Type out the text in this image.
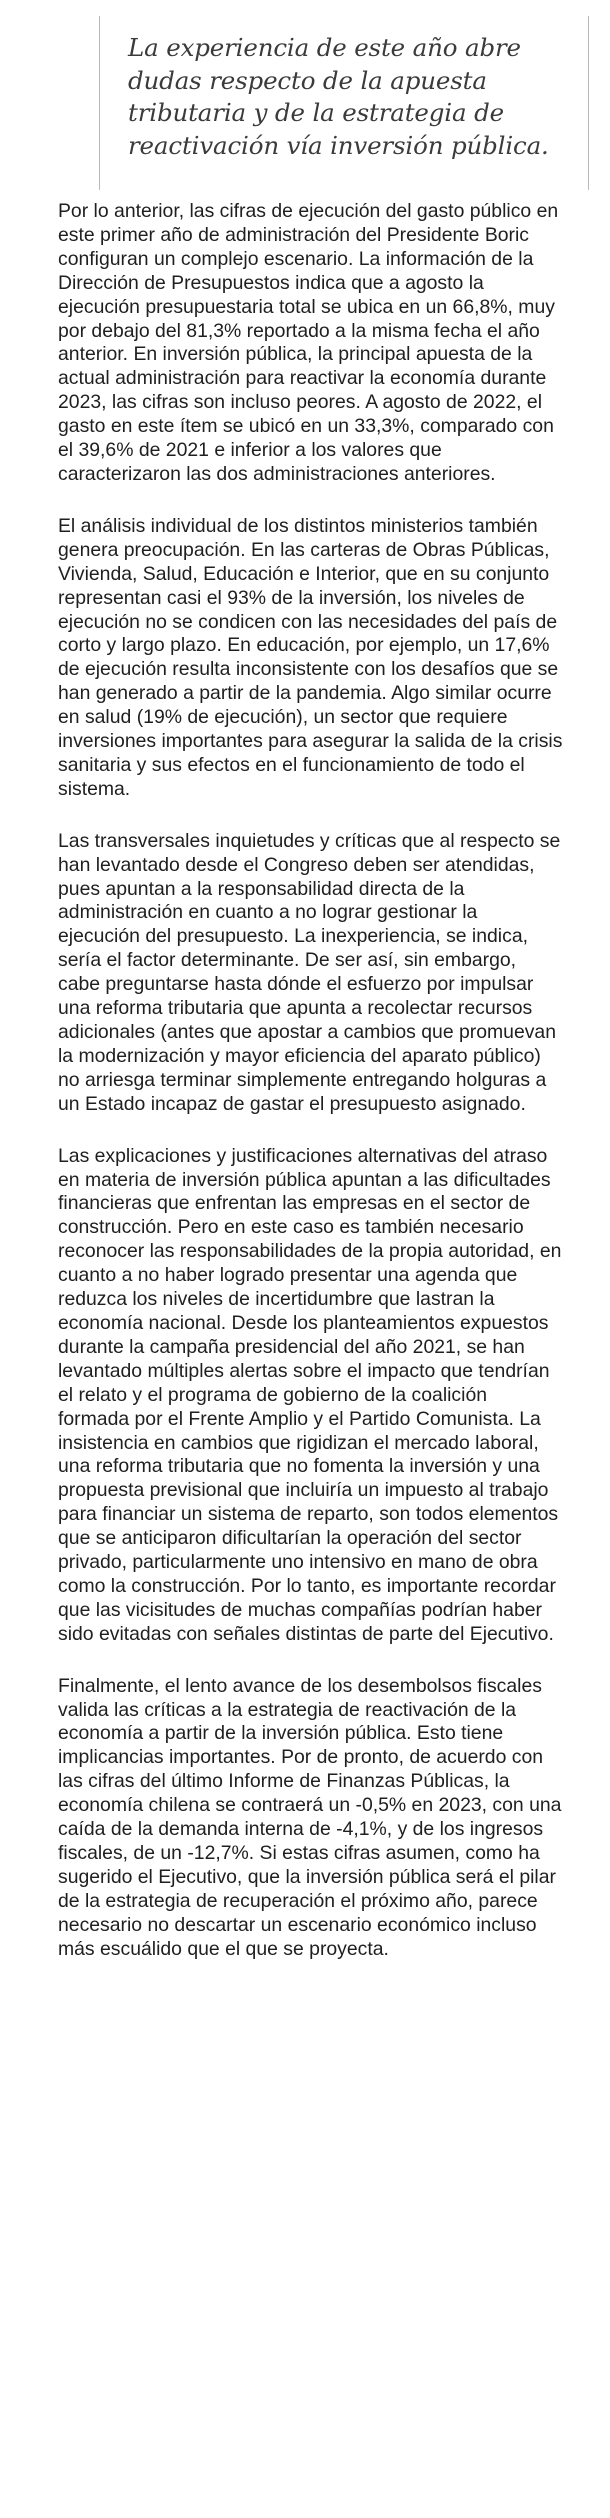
La experiencia de este año abre dudas respecto de la apuesta tributaria y de la estrategia de reactivación vía inversión pública.

Por lo anterior, las cifras de ejecución del gasto público en este primer año de administración del Presidente Boric configuran un complejo escenario. La información de la Dirección de Presupuestos indica que a agosto la ejecución presupuestaria total se ubica en un 66,8%, muy por debajo del 81,3% reportado a la misma fecha el año anterior. En inversión pública, la principal apuesta de la actual administración para reactivar la economía durante 2023, las cifras son incluso peores. A agosto de 2022, el gasto en este ítem se ubicó en un 33,3%, comparado con el 39,6% de 2021 e inferior a los valores que caracterizaron las dos administraciones anteriores.

El análisis individual de los distintos ministerios también genera preocupación. En las carteras de Obras Públicas, Vivienda, Salud, Educación e Interior, que en su conjunto representan casi el 93% de la inversión, los niveles de ejecución no se condicen con las necesidades del país de corto y largo plazo. En educación, por ejemplo, un 17,6% de ejecución resulta inconsistente con los desafíos que se han generado a partir de la pandemia. Algo similar ocurre en salud (19% de ejecución), un sector que requiere inversiones importantes para asegurar la salida de la crisis sanitaria y sus efectos en el funcionamiento de todo el sistema.

Las transversales inquietudes y críticas que al respecto se han levantado desde el Congreso deben ser atendidas, pues apuntan a la responsabilidad directa de la administración en cuanto a no lograr gestionar la ejecución del presupuesto. La inexperiencia, se indica, sería el factor determinante. De ser así, sin embargo, cabe preguntarse hasta dónde el esfuerzo por impulsar una reforma tributaria que apunta a recolectar recursos adicionales (antes que apostar a cambios que promuevan la modernización y mayor eficiencia del aparato público) no arriesga terminar simplemente entregando holguras a un Estado incapaz de gastar el presupuesto asignado.

Las explicaciones y justificaciones alternativas del atraso en materia de inversión pública apuntan a las dificultades financieras que enfrentan las empresas en el sector de construcción. Pero en este caso es también necesario reconocer las responsabilidades de la propia autoridad, en cuanto a no haber logrado presentar una agenda que reduzca los niveles de incertidumbre que lastran la economía nacional. Desde los planteamientos expuestos durante la campaña presidencial del año 2021, se han levantado múltiples alertas sobre el impacto que tendrían el relato y el programa de gobierno de la coalición formada por el Frente Amplio y el Partido Comunista. La insistencia en cambios que rigidizan el mercado laboral, una reforma tributaria que no fomenta la inversión y una propuesta previsional que incluiría un impuesto al trabajo para financiar un sistema de reparto, son todos elementos que se anticiparon dificultarían la operación del sector privado, particularmente uno intensivo en mano de obra como la construcción. Por lo tanto, es importante recordar que las vicisitudes de muchas compañías podrían haber sido evitadas con señales distintas de parte del Ejecutivo.

Finalmente, el lento avance de los desembolsos fiscales valida las críticas a la estrategia de reactivación de la economía a partir de la inversión pública. Esto tiene implicancias importantes. Por de pronto, de acuerdo con las cifras del último Informe de Finanzas Públicas, la economía chilena se contraerá un -0,5% en 2023, con una caída de la demanda interna de -4,1%, y de los ingresos fiscales, de un -12,7%. Si estas cifras asumen, como ha sugerido el Ejecutivo, que la inversión pública será el pilar de la estrategia de recuperación el próximo año, parece necesario no descartar un escenario económico incluso más escuálido que el que se proyecta.
